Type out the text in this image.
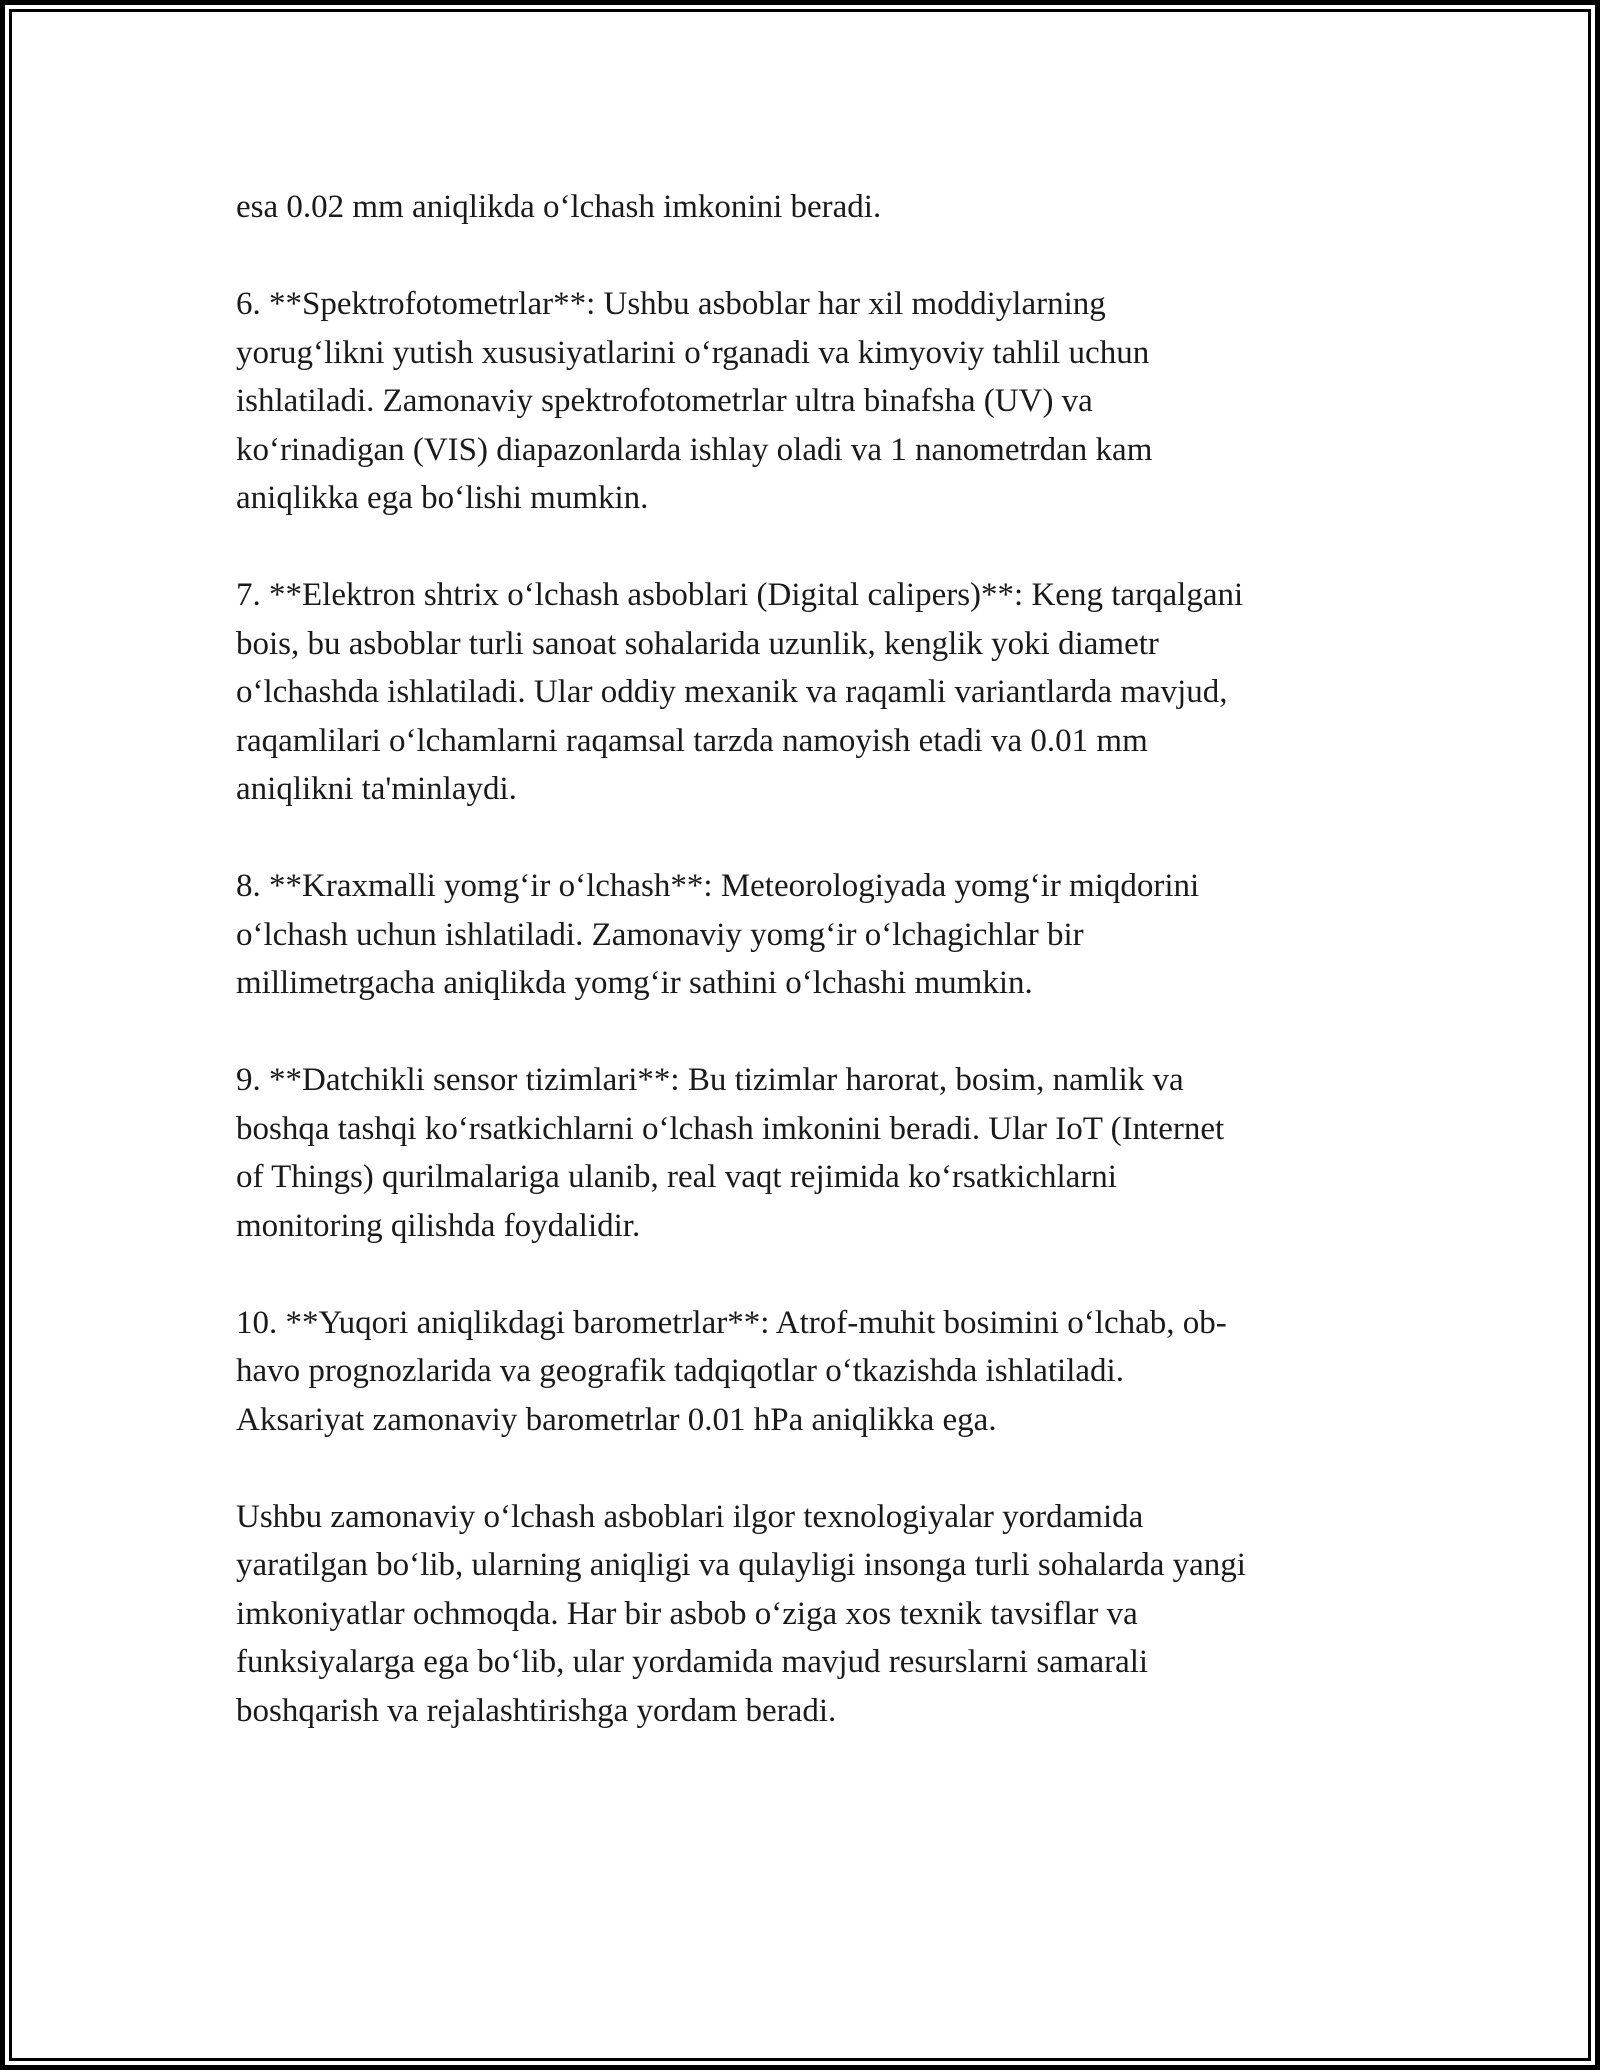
esa 0.02 mm aniqlikda o‘lchash imkonini beradi.

6. **Spektrofotometrlar**: Ushbu asboblar har xil moddiylarning
yorug‘likni yutish xususiyatlarini o‘rganadi va kimyoviy tahlil uchun
ishlatiladi. Zamonaviy spektrofotometrlar ultra binafsha (UV) va
ko‘rinadigan (VIS) diapazonlarda ishlay oladi va 1 nanometrdan kam
aniqlikka ega bo‘lishi mumkin.

7. **Elektron shtrix o‘lchash asboblari (Digital calipers)**: Keng tarqalgani
bois, bu asboblar turli sanoat sohalarida uzunlik, kenglik yoki diametr
o‘lchashda ishlatiladi. Ular oddiy mexanik va raqamli variantlarda mavjud,
raqamlilari o‘lchamlarni raqamsal tarzda namoyish etadi va 0.01 mm
aniqlikni ta'minlaydi.

8. **Kraxmalli yomg‘ir o‘lchash**: Meteorologiyada yomg‘ir miqdorini
o‘lchash uchun ishlatiladi. Zamonaviy yomg‘ir o‘lchagichlar bir
millimetrgacha aniqlikda yomg‘ir sathini o‘lchashi mumkin.

9. **Datchikli sensor tizimlari**: Bu tizimlar harorat, bosim, namlik va
boshqa tashqi ko‘rsatkichlarni o‘lchash imkonini beradi. Ular IoT (Internet
of Things) qurilmalariga ulanib, real vaqt rejimida ko‘rsatkichlarni
monitoring qilishda foydalidir.

10. **Yuqori aniqlikdagi barometrlar**: Atrof-muhit bosimini o‘lchab, ob-
havo prognozlarida va geografik tadqiqotlar o‘tkazishda ishlatiladi.
Aksariyat zamonaviy barometrlar 0.01 hPa aniqlikka ega.

Ushbu zamonaviy o‘lchash asboblari ilgor texnologiyalar yordamida
yaratilgan bo‘lib, ularning aniqligi va qulayligi insonga turli sohalarda yangi
imkoniyatlar ochmoqda. Har bir asbob o‘ziga xos texnik tavsiflar va
funksiyalarga ega bo‘lib, ular yordamida mavjud resurslarni samarali
boshqarish va rejalashtirishga yordam beradi.
